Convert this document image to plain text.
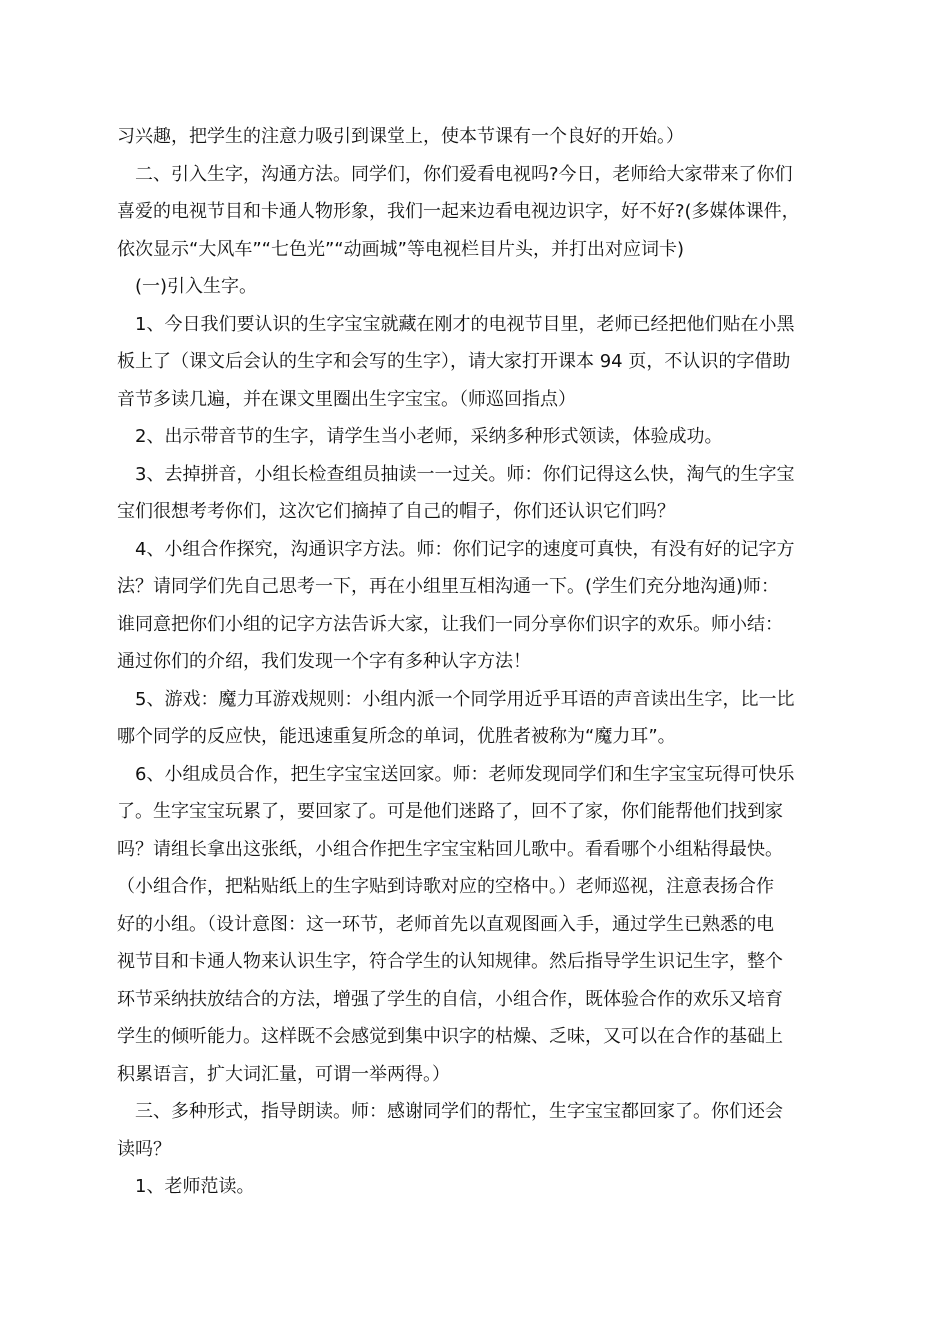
习兴趣，把学生的注意力吸引到课堂上，使本节课有一个良好的开始。）
二、引入生字，沟通方法。同学们，你们爱看电视吗?今日，老师给大家带来了你们
喜爱的电视节目和卡通人物形象，我们一起来边看电视边识字，好不好?(多媒体课件，
依次显示“大风车”“七色光”“动画城”等电视栏目片头，并打出对应词卡)
(一)引入生字。
1、今日我们要认识的生字宝宝就藏在刚才的电视节目里，老师已经把他们贴在小黑
板上了（课文后会认的生字和会写的生字），请大家打开课本 94 页，不认识的字借助
音节多读几遍，并在课文里圈出生字宝宝。（师巡回指点）
2、出示带音节的生字，请学生当小老师，采纳多种形式领读，体验成功。
3、去掉拼音，小组长检查组员抽读一一过关。师：你们记得这么快，淘气的生字宝
宝们很想考考你们，这次它们摘掉了自己的帽子，你们还认识它们吗？
4、小组合作探究，沟通识字方法。师：你们记字的速度可真快，有没有好的记字方
法？请同学们先自己思考一下，再在小组里互相沟通一下。(学生们充分地沟通)师：
谁同意把你们小组的记字方法告诉大家，让我们一同分享你们识字的欢乐。师小结：
通过你们的介绍，我们发现一个字有多种认字方法！
5、游戏：魔力耳游戏规则：小组内派一个同学用近乎耳语的声音读出生字，比一比
哪个同学的反应快，能迅速重复所念的单词，优胜者被称为“魔力耳”。
6、小组成员合作，把生字宝宝送回家。师：老师发现同学们和生字宝宝玩得可快乐
了。生字宝宝玩累了，要回家了。可是他们迷路了，回不了家，你们能帮他们找到家
吗？请组长拿出这张纸，小组合作把生字宝宝粘回儿歌中。看看哪个小组粘得最快。
（小组合作，把粘贴纸上的生字贴到诗歌对应的空格中。）老师巡视，注意表扬合作
好的小组。（设计意图：这一环节，老师首先以直观图画入手，通过学生已熟悉的电
视节目和卡通人物来认识生字，符合学生的认知规律。然后指导学生识记生字，整个
环节采纳扶放结合的方法，增强了学生的自信，小组合作，既体验合作的欢乐又培育
学生的倾听能力。这样既不会感觉到集中识字的枯燥、乏味，又可以在合作的基础上
积累语言，扩大词汇量，可谓一举两得。）
三、多种形式，指导朗读。师：感谢同学们的帮忙，生字宝宝都回家了。你们还会
读吗？
1、老师范读。
